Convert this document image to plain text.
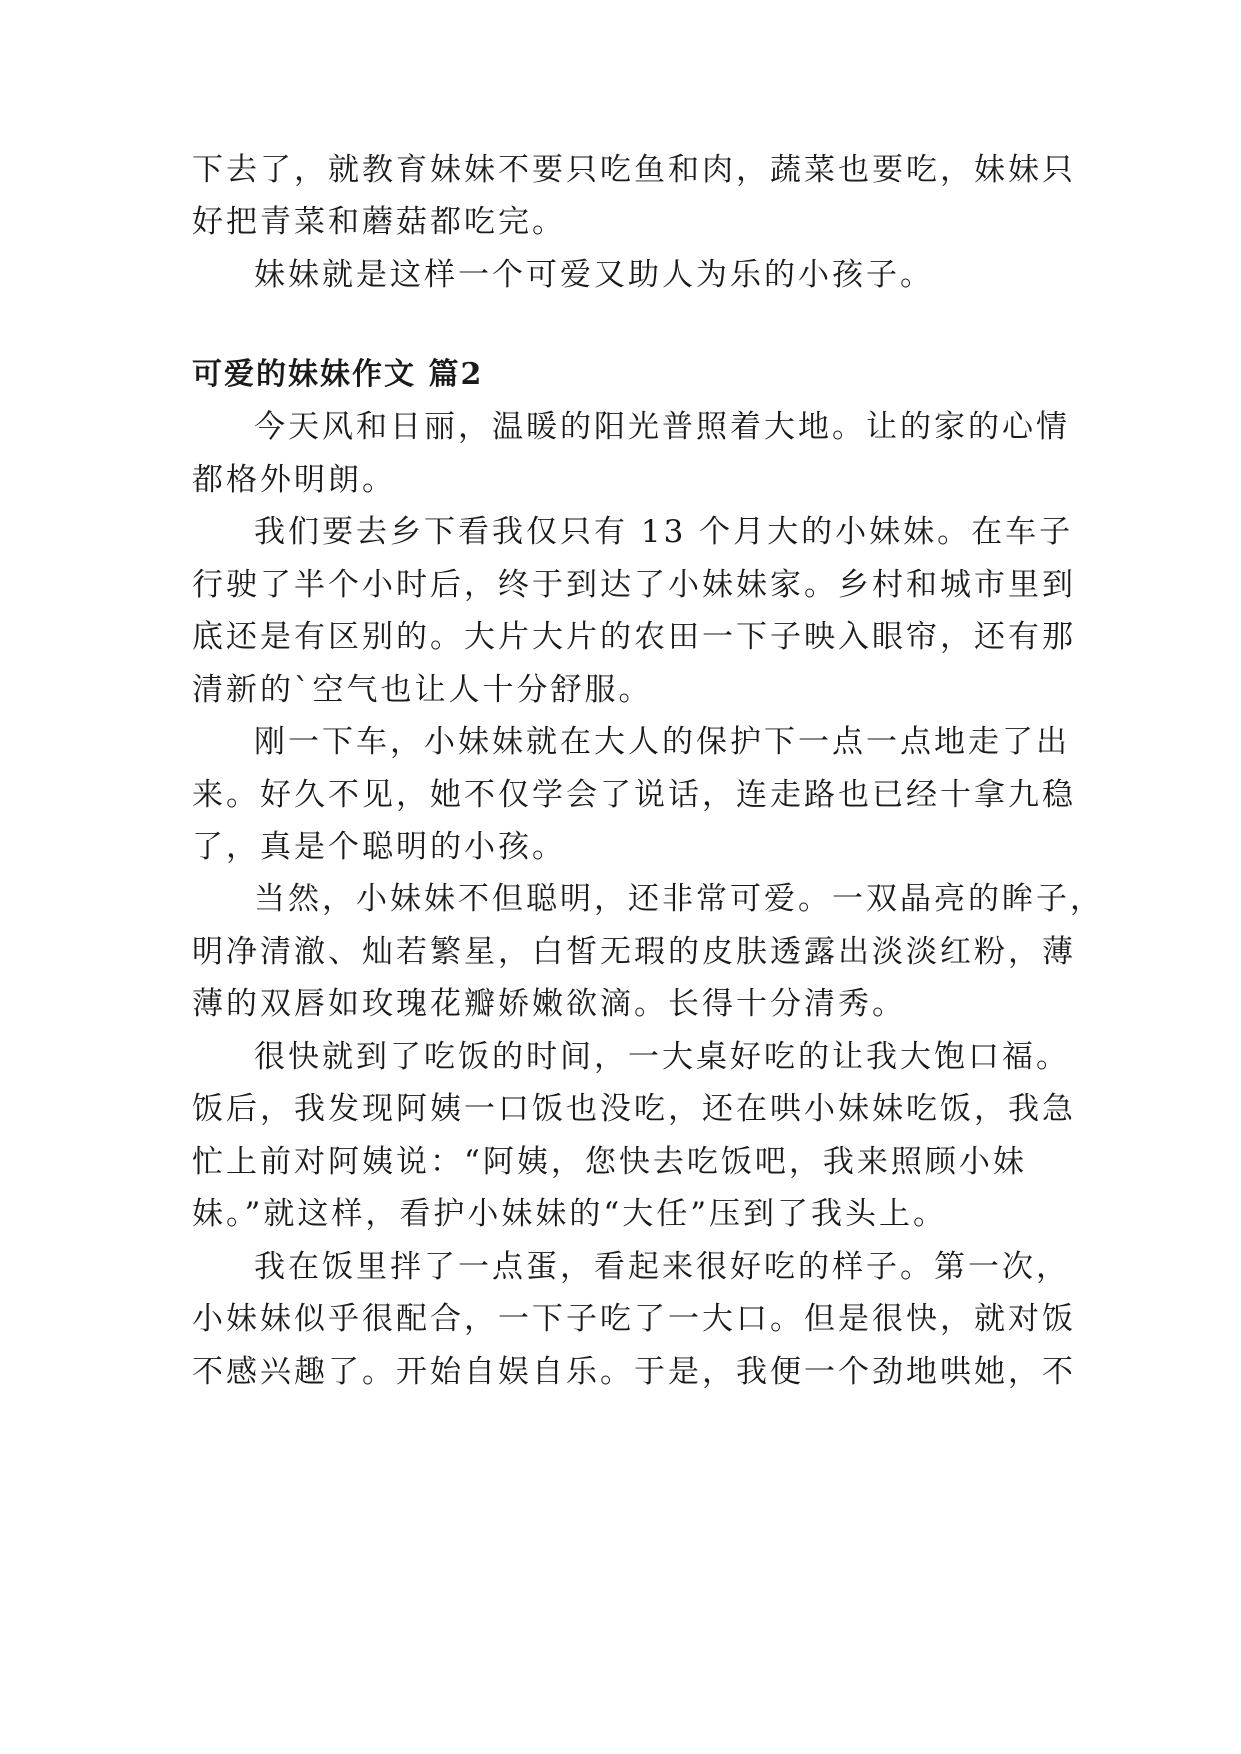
下去了，就教育妹妹不要只吃鱼和肉，蔬菜也要吃，妹妹只

好把青菜和蘑菇都吃完。

妹妹就是这样一个可爱又助人为乐的小孩子。

可爱的妹妹作文 篇2

今天风和日丽，温暖的阳光普照着大地。让的家的心情

都格外明朗。

我们要去乡下看我仅只有 13 个月大的小妹妹。在车子

行驶了半个小时后，终于到达了小妹妹家。乡村和城市里到

底还是有区别的。大片大片的农田一下子映入眼帘，还有那

清新的`空气也让人十分舒服。

刚一下车，小妹妹就在大人的保护下一点一点地走了出

来。好久不见，她不仅学会了说话，连走路也已经十拿九稳

了，真是个聪明的小孩。

当然，小妹妹不但聪明，还非常可爱。一双晶亮的眸子，

明净清澈、灿若繁星，白皙无瑕的皮肤透露出淡淡红粉，薄

薄的双唇如玫瑰花瓣娇嫩欲滴。长得十分清秀。

很快就到了吃饭的时间，一大桌好吃的让我大饱口福。

饭后，我发现阿姨一口饭也没吃，还在哄小妹妹吃饭，我急

忙上前对阿姨说：“阿姨，您快去吃饭吧，我来照顾小妹

妹。”就这样，看护小妹妹的“大任”压到了我头上。

我在饭里拌了一点蛋，看起来很好吃的样子。第一次，

小妹妹似乎很配合，一下子吃了一大口。但是很快，就对饭

不感兴趣了。开始自娱自乐。于是，我便一个劲地哄她，不
